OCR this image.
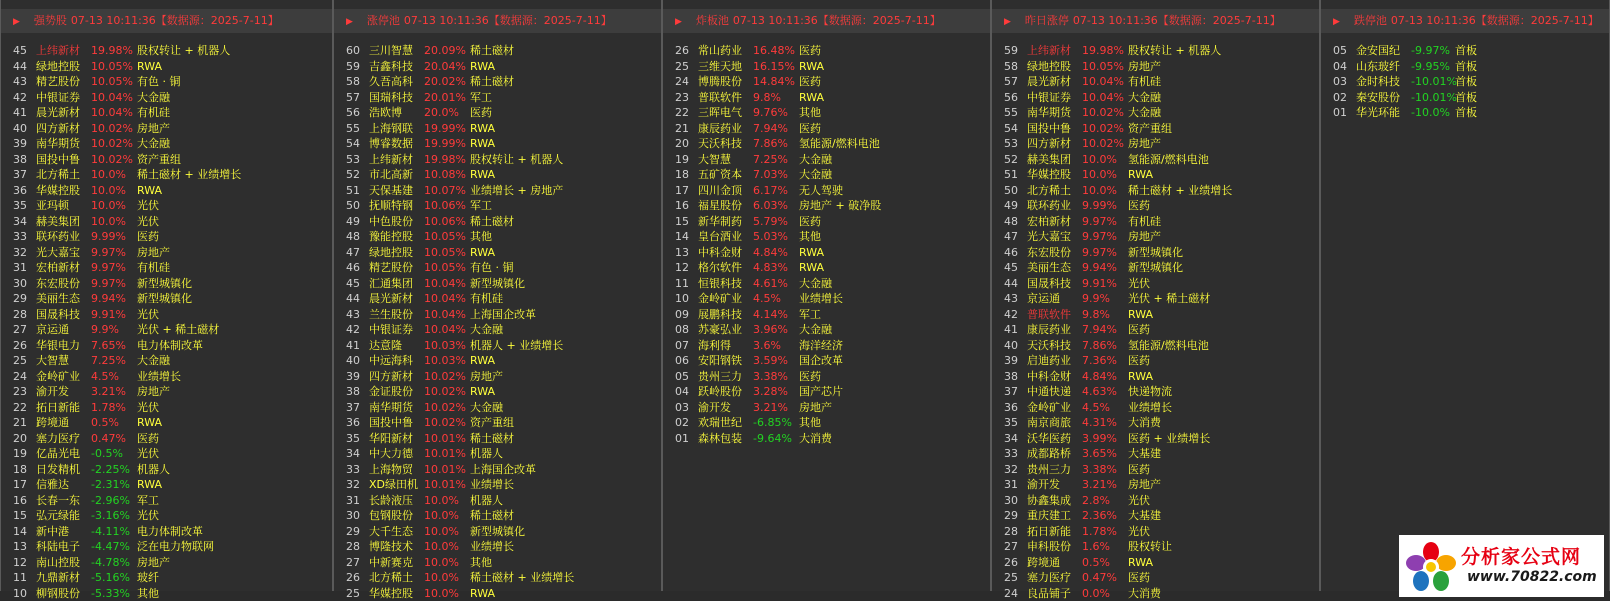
▶ 强势股 07-13 10:11:36【数据源：2025-7-11】
45 上纬新材 19.98% 股权转让 + 机器人
44 绿地控股 10.05% RWA
43 精艺股份 10.05% 有色 · 铜
42 中银证券 10.04% 大金融
41 晨光新材 10.04% 有机硅
40 四方新材 10.02% 房地产
39 南华期货 10.02% 大金融
38 国投中鲁 10.02% 资产重组
37 北方稀土 10.0% 稀土磁材 + 业绩增长
36 华媒控股 10.0% RWA
35 亚玛顿 10.0% 光伏
34 赫美集团 10.0% 光伏
33 联环药业 9.99% 医药
32 光大嘉宝 9.97% 房地产
31 宏柏新材 9.97% 有机硅
30 东宏股份 9.97% 新型城镇化
29 美丽生态 9.94% 新型城镇化
28 国晟科技 9.91% 光伏
27 京运通 9.9% 光伏 + 稀土磁材
26 华银电力 7.65% 电力体制改革
25 大智慧 7.25% 大金融
24 金岭矿业 4.5% 业绩增长
23 渝开发 3.21% 房地产
22 拓日新能 1.78% 光伏
21 跨境通 0.5% RWA
20 塞力医疗 0.47% 医药
19 亿晶光电 -0.5% 光伏
18 日发精机 -2.25% 机器人
17 信雅达 -2.31% RWA
16 长春一东 -2.96% 军工
15 弘元绿能 -3.16% 光伏
14 新中港 -4.11% 电力体制改革
13 科陆电子 -4.47% 泛在电力物联网
12 南山控股 -4.78% 房地产
11 九鼎新材 -5.16% 玻纤
10 柳钢股份 -5.33% 其他
▶ 涨停池 07-13 10:11:36【数据源：2025-7-11】
60 三川智慧 20.09% 稀土磁材
59 吉鑫科技 20.04% RWA
58 久吾高科 20.02% 稀土磁材
57 国瑞科技 20.01% 军工
56 浩欧博 20.0% 医药
55 上海钢联 19.99% RWA
54 博睿数据 19.99% RWA
53 上纬新材 19.98% 股权转让 + 机器人
52 市北高新 10.08% RWA
51 天保基建 10.07% 业绩增长 + 房地产
50 抚顺特钢 10.06% 军工
49 中色股份 10.06% 稀土磁材
48 豫能控股 10.05% 其他
47 绿地控股 10.05% RWA
46 精艺股份 10.05% 有色 · 铜
45 汇通集团 10.04% 新型城镇化
44 晨光新材 10.04% 有机硅
43 兰生股份 10.04% 上海国企改革
42 中银证券 10.04% 大金融
41 达意隆 10.03% 机器人 + 业绩增长
40 中远海科 10.03% RWA
39 四方新材 10.02% 房地产
38 金证股份 10.02% RWA
37 南华期货 10.02% 大金融
36 国投中鲁 10.02% 资产重组
35 华阳新材 10.01% 稀土磁材
34 中大力德 10.01% 机器人
33 上海物贸 10.01% 上海国企改革
32 XD绿田机 10.01% 业绩增长
31 长龄液压 10.0% 机器人
30 包钢股份 10.0% 稀土磁材
29 大千生态 10.0% 新型城镇化
28 博隆技术 10.0% 业绩增长
27 中新赛克 10.0% 其他
26 北方稀土 10.0% 稀土磁材 + 业绩增长
25 华媒控股 10.0% RWA
▶ 炸板池 07-13 10:11:36【数据源：2025-7-11】
26 常山药业 16.48% 医药
25 三维天地 16.15% RWA
24 博腾股份 14.84% 医药
23 普联软件 9.8% RWA
22 三晖电气 9.76% 其他
21 康辰药业 7.94% 医药
20 天沃科技 7.86% 氢能源/燃料电池
19 大智慧 7.25% 大金融
18 五矿资本 7.03% 大金融
17 四川金顶 6.17% 无人驾驶
16 福星股份 6.03% 房地产 + 破净股
15 新华制药 5.79% 医药
14 皇台酒业 5.03% 其他
13 中科金财 4.84% RWA
12 格尔软件 4.83% RWA
11 恒银科技 4.61% 大金融
10 金岭矿业 4.5% 业绩增长
09 展鹏科技 4.14% 军工
08 苏豪弘业 3.96% 大金融
07 海利得 3.6% 海洋经济
06 安阳钢铁 3.59% 国企改革
05 贵州三力 3.38% 医药
04 跃岭股份 3.28% 国产芯片
03 渝开发 3.21% 房地产
02 欢瑞世纪 -6.85% 其他
01 森林包装 -9.64% 大消费
▶ 昨日涨停 07-13 10:11:36【数据源：2025-7-11】
59 上纬新材 19.98% 股权转让 + 机器人
58 绿地控股 10.05% 房地产
57 晨光新材 10.04% 有机硅
56 中银证券 10.04% 大金融
55 南华期货 10.02% 大金融
54 国投中鲁 10.02% 资产重组
53 四方新材 10.02% 房地产
52 赫美集团 10.0% 氢能源/燃料电池
51 华媒控股 10.0% RWA
50 北方稀土 10.0% 稀土磁材 + 业绩增长
49 联环药业 9.99% 医药
48 宏柏新材 9.97% 有机硅
47 光大嘉宝 9.97% 房地产
46 东宏股份 9.97% 新型城镇化
45 美丽生态 9.94% 新型城镇化
44 国晟科技 9.91% 光伏
43 京运通 9.9% 光伏 + 稀土磁材
42 普联软件 9.8% RWA
41 康辰药业 7.94% 医药
40 天沃科技 7.86% 氢能源/燃料电池
39 启迪药业 7.36% 医药
38 中科金财 4.84% RWA
37 中通快递 4.63% 快递物流
36 金岭矿业 4.5% 业绩增长
35 南京商旅 4.31% 大消费
34 沃华医药 3.99% 医药 + 业绩增长
33 成都路桥 3.65% 大基建
32 贵州三力 3.38% 医药
31 渝开发 3.21% 房地产
30 协鑫集成 2.8% 光伏
29 重庆建工 2.36% 大基建
28 拓日新能 1.78% 光伏
27 申科股份 1.6% 股权转让
26 跨境通 0.5% RWA
25 塞力医疗 0.47% 医药
24 良品铺子 0.0% 大消费
▶ 跌停池 07-13 10:11:36【数据源：2025-7-11】
05 金安国纪 -9.97% 首板
04 山东玻纤 -9.95% 首板
03 金时科技 -10.01%
首板
02 秦安股份 -10.01%
首板
01 华光环能 -10.0% 首板
分析家公式网
www.70822.com
